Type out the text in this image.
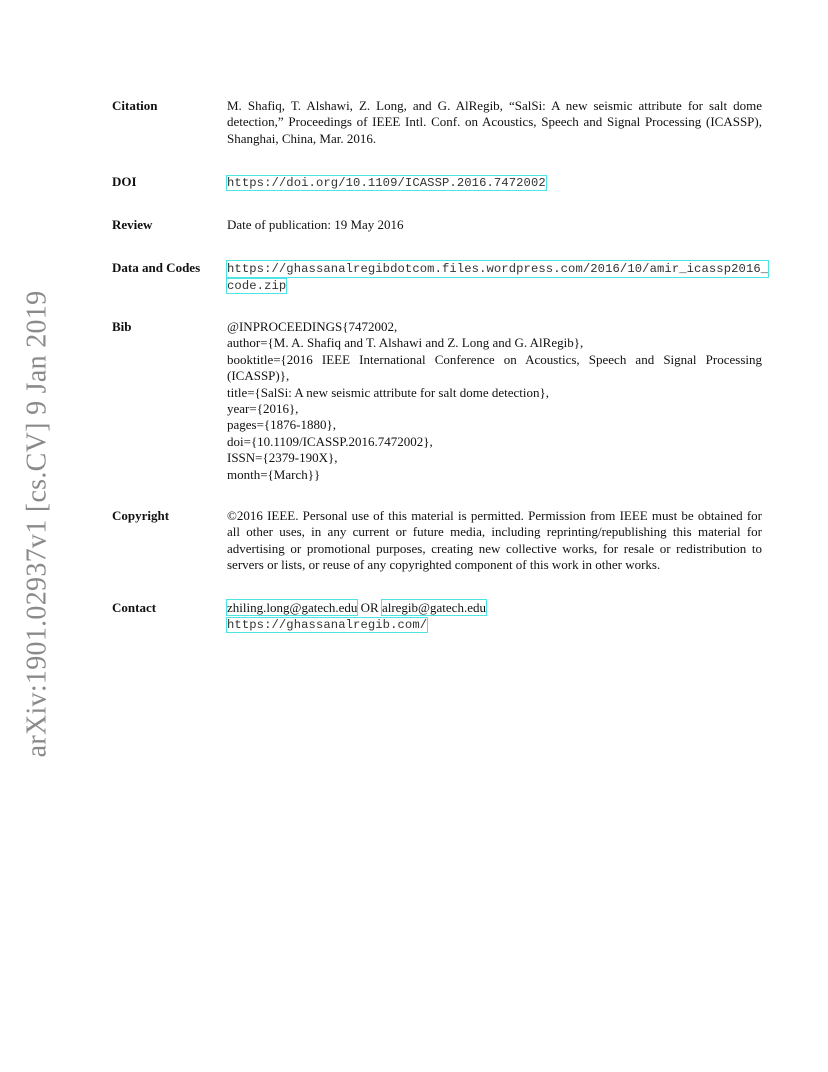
arXiv:1901.02937v1 [cs.CV] 9 Jan 2019
Citation	M. Shafiq, T. Alshawi, Z. Long, and G. AlRegib, “SalSi: A new seismic attribute for salt dome detection,” Proceedings of IEEE Intl. Conf. on Acoustics, Speech and Signal Processing (ICASSP), Shanghai, China, Mar. 2016.
DOI	https://doi.org/10.1109/ICASSP.2016.7472002
Review	Date of publication: 19 May 2016
Data and Codes	https://ghassanalregibdotcom.files.wordpress.com/2016/10/amir_icassp2016_
code.zip
Bib	@INPROCEEDINGS{7472002,
author={M. A. Shafiq and T. Alshawi and Z. Long and G. AlRegib},
booktitle={2016 IEEE International Conference on Acoustics, Speech and Signal Processing (ICASSP)},
title={SalSi: A new seismic attribute for salt dome detection},
year={2016},
pages={1876-1880},
doi={10.1109/ICASSP.2016.7472002},
ISSN={2379-190X},
month={March}}
Copyright	©2016 IEEE. Personal use of this material is permitted. Permission from IEEE must be obtained for all other uses, in any current or future media, including reprinting/republishing this material for advertising or promotional purposes, creating new collective works, for resale or redistribution to servers or lists, or reuse of any copyrighted component of this work in other works.
Contact	zhiling.long@gatech.edu OR alregib@gatech.edu
https://ghassanalregib.com/
